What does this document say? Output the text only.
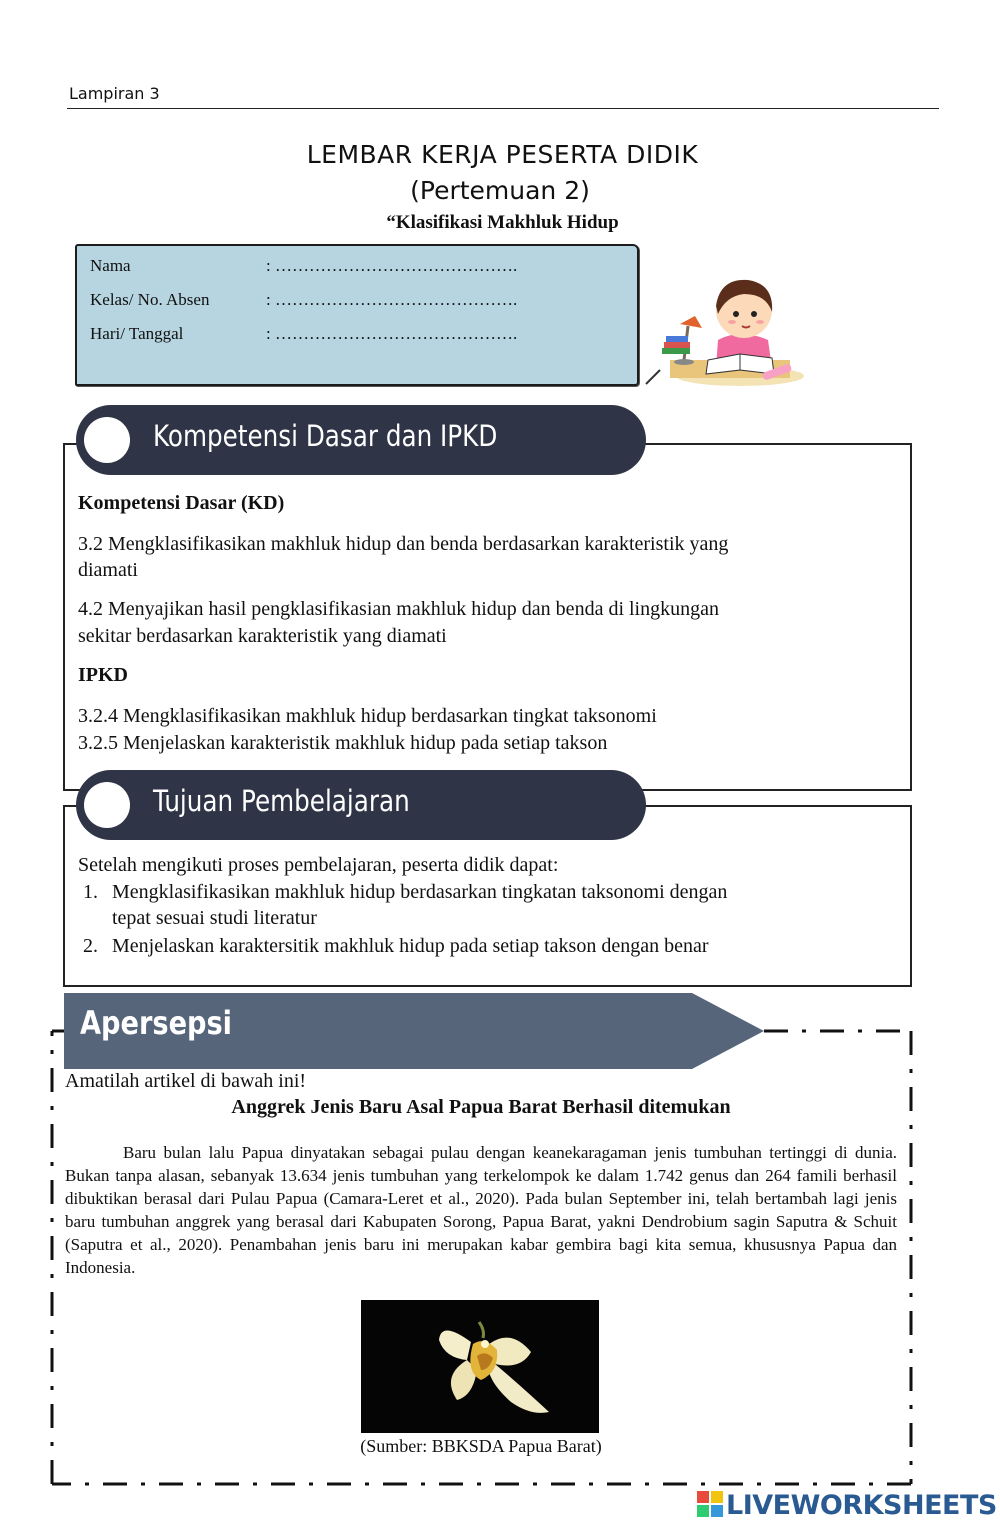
Lampiran 3
LEMBAR KERJA PESERTA DIDIK
(Pertemuan 2)
“Klasifikasi Makhluk Hidup
Nama	: …………………………………….
Kelas/ No. Absen	: …………………………………….
Hari/ Tanggal	: …………………………………….
Kompetensi Dasar dan IPKD
Kompetensi Dasar (KD)
3.2 Mengklasifikasikan makhluk hidup dan benda berdasarkan karakteristik yang
diamati
4.2 Menyajikan hasil pengklasifikasian makhluk hidup dan benda di lingkungan
sekitar berdasarkan karakteristik yang diamati
IPKD
3.2.4 Mengklasifikasikan makhluk hidup berdasarkan tingkat taksonomi
3.2.5 Menjelaskan karakteristik makhluk hidup pada setiap takson
Tujuan Pembelajaran
Setelah mengikuti proses pembelajaran, peserta didik dapat:
1. Mengklasifikasikan makhluk hidup berdasarkan tingkatan taksonomi dengan
tepat sesuai studi literatur
2. Menjelaskan karaktersitik makhluk hidup pada setiap takson dengan benar
Apersepsi
Amatilah artikel di bawah ini!
Anggrek Jenis Baru Asal Papua Barat Berhasil ditemukan

Baru bulan lalu Papua dinyatakan sebagai pulau dengan keanekaragaman jenis tumbuhan tertinggi di dunia. Bukan tanpa alasan, sebanyak 13.634 jenis tumbuhan yang terkelompok ke dalam 1.742 genus dan 264 famili berhasil dibuktikan berasal dari Pulau Papua (Camara-Leret et al., 2020). Pada bulan September ini, telah bertambah lagi jenis baru tumbuhan anggrek yang berasal dari Kabupaten Sorong, Papua Barat, yakni Dendrobium sagin Saputra & Schuit (Saputra et al., 2020). Penambahan jenis baru ini merupakan kabar gembira bagi kita semua, khususnya Papua dan Indonesia.

(Sumber: BBKSDA Papua Barat)
LIVEWORKSHEETS
